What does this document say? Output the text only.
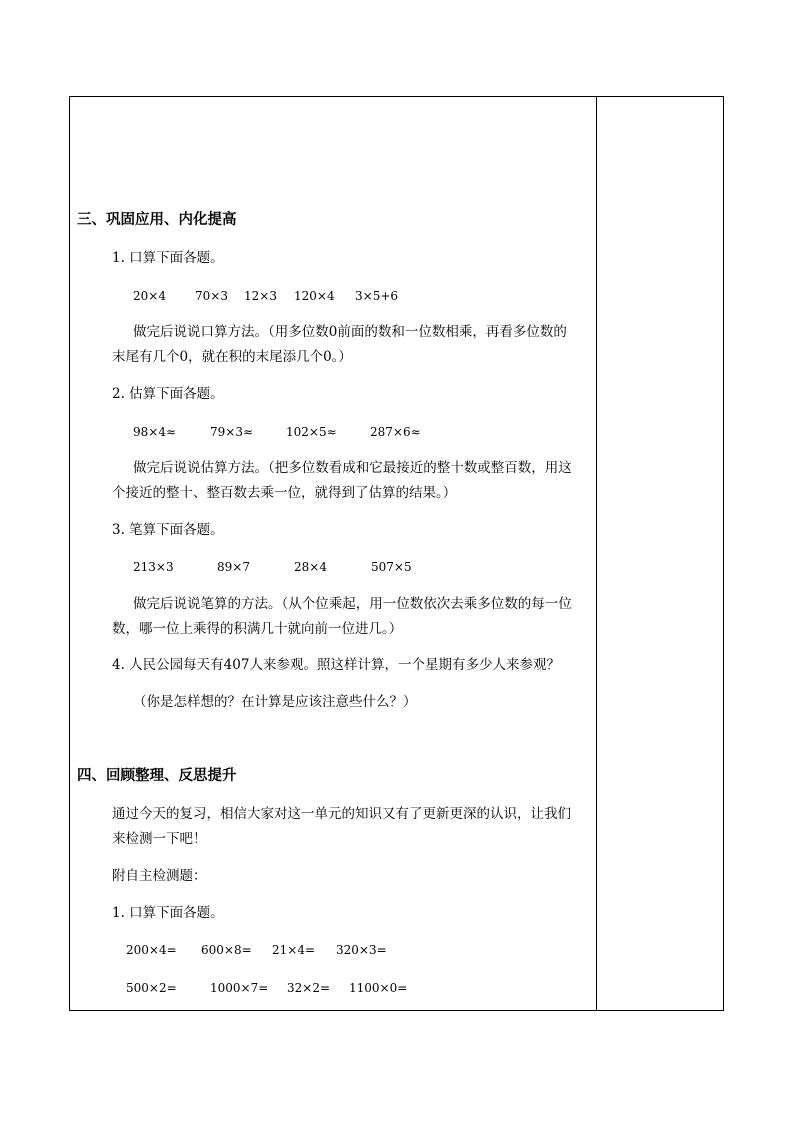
三、巩固应用、内化提高
1. 口算下面各题。
20×4 70×3 12×3 120×4 3×5+6
做完后说说口算方法。（用多位数0前面的数和一位数相乘，再看多位数的
末尾有几个0，就在积的末尾添几个0。）
2. 估算下面各题。
98×4≈	79×3≈	102×5≈	287×6≈
做完后说说估算方法。（把多位数看成和它最接近的整十数或整百数，用这
个接近的整十、整百数去乘一位，就得到了估算的结果。）
3. 笔算下面各题。
213×3	89×7	28×4	507×5
做完后说说笔算的方法。（从个位乘起，用一位数依次去乘多位数的每一位
数，哪一位上乘得的积满几十就向前一位进几。）
4. 人民公园每天有407人来参观。照这样计算，一个星期有多少人来参观？
（你是怎样想的？在计算是应该注意些什么？）
四、回顾整理、反思提升
通过今天的复习，相信大家对这一单元的知识又有了更新更深的认识，让我们
来检测一下吧！
附自主检测题：
1. 口算下面各题。
200×4= 600×8= 21×4= 320×3=
500×2=	1000×7= 32×2= 1100×0=
